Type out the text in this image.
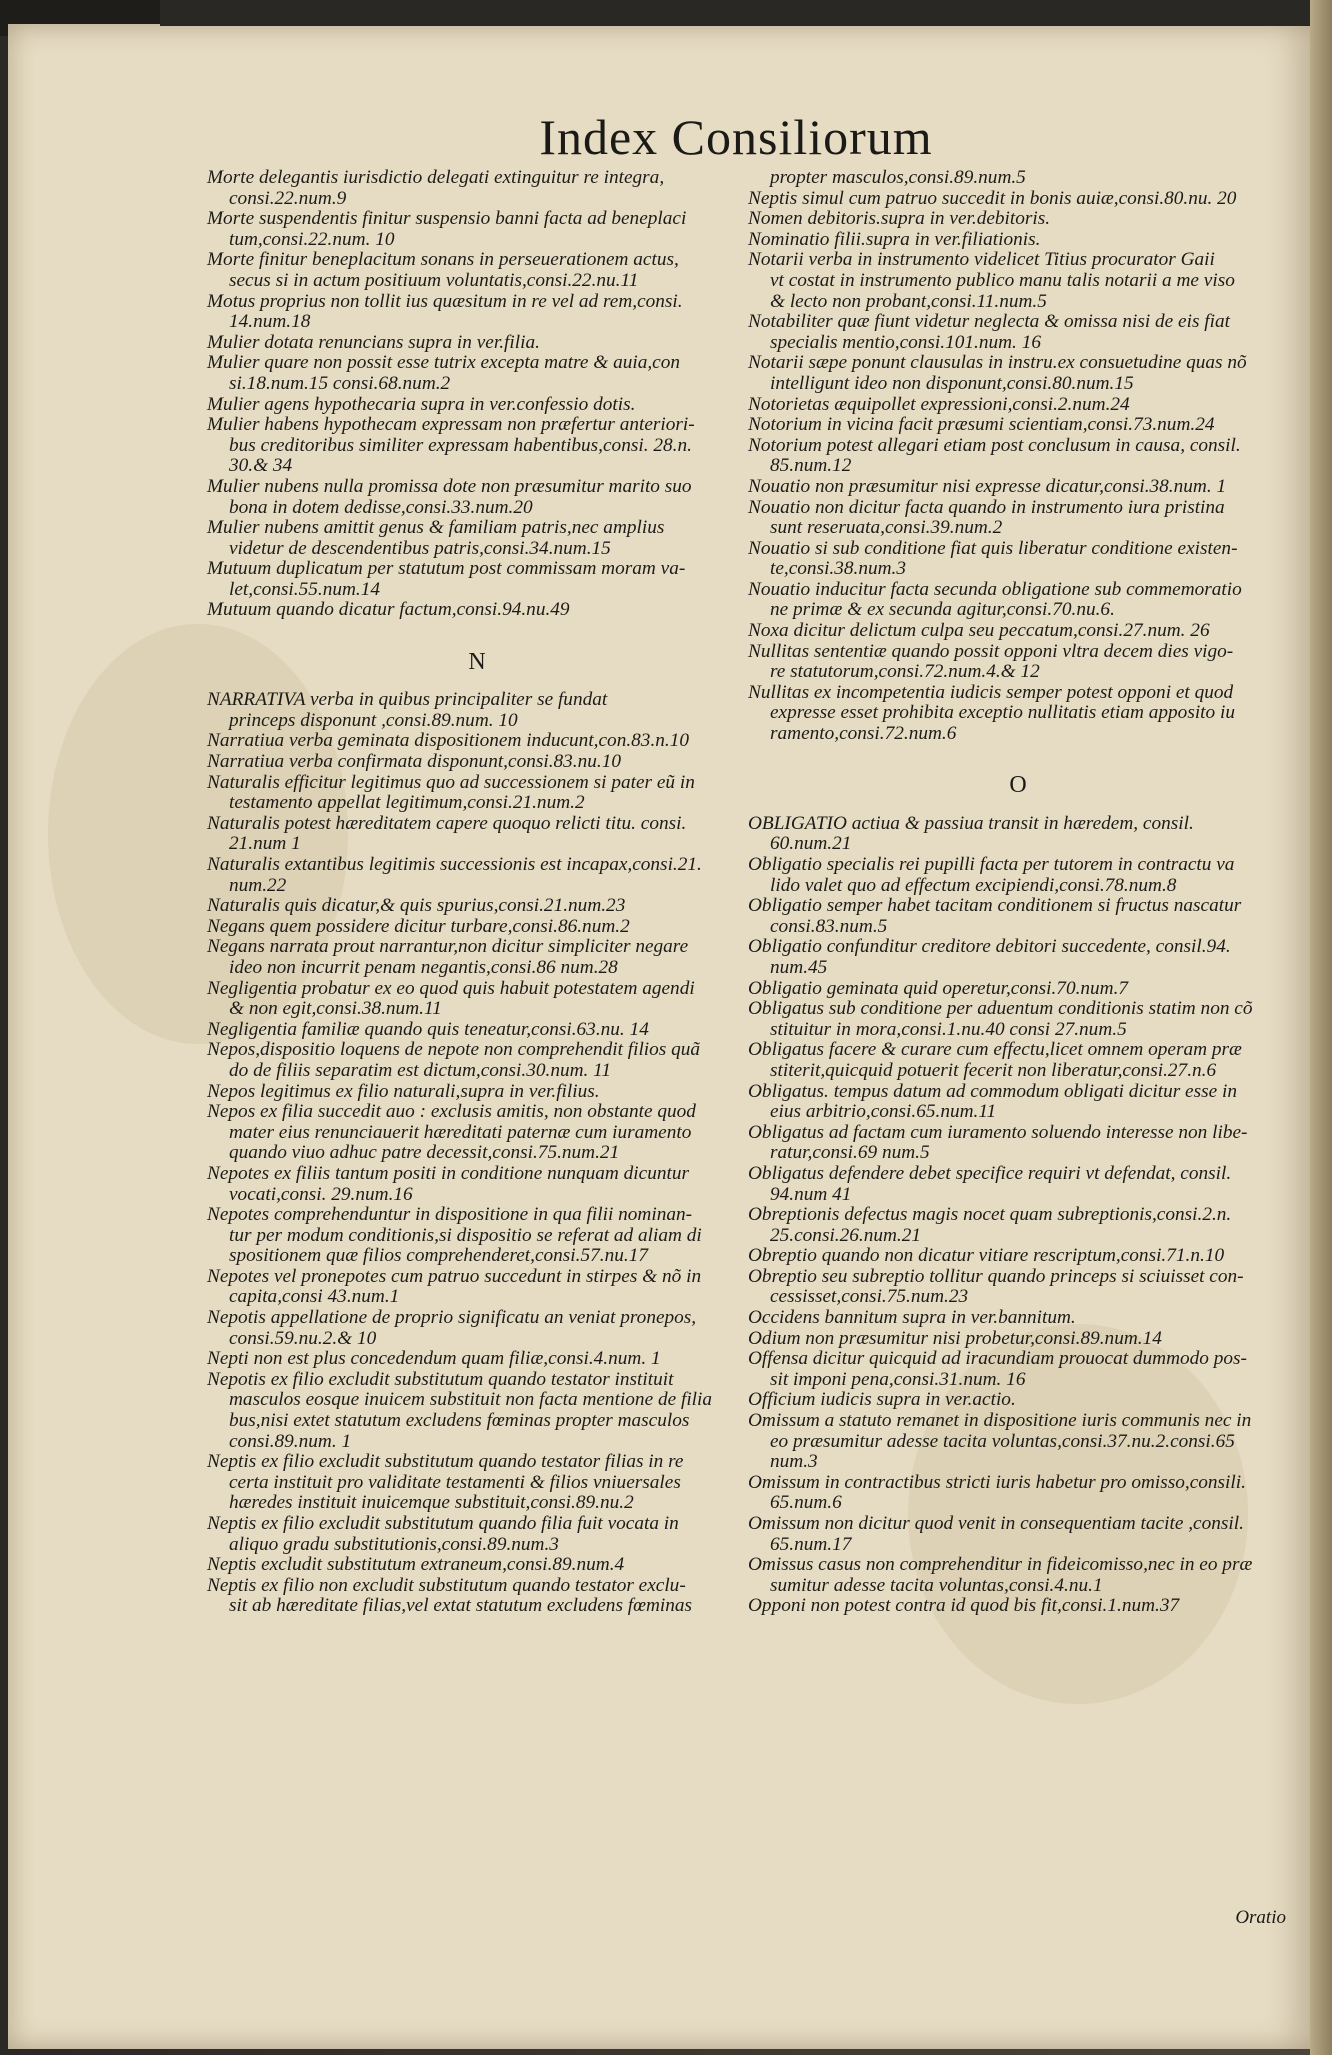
Index Consiliorum
Morte delegantis iurisdictio delegati extinguitur re integra,
consi.22.num.9
Morte suspendentis finitur suspensio banni facta ad beneplaci
tum,consi.22.num. 10
Morte finitur beneplacitum sonans in perseuerationem actus,
secus si in actum positiuum voluntatis,consi.22.nu.11
Motus proprius non tollit ius quæsitum in re vel ad rem,consi.
14.num.18
Mulier dotata renuncians supra in ver.filia.
Mulier quare non possit esse tutrix excepta matre & auia,con
si.18.num.15 consi.68.num.2
Mulier agens hypothecaria supra in ver.confessio dotis.
Mulier habens hypothecam expressam non præfertur anteriori-
bus creditoribus similiter expressam habentibus,consi. 28.n.
30.& 34
Mulier nubens nulla promissa dote non præsumitur marito suo
bona in dotem dedisse,consi.33.num.20
Mulier nubens amittit genus & familiam patris,nec amplius
videtur de descendentibus patris,consi.34.num.15
Mutuum duplicatum per statutum post commissam moram va-
let,consi.55.num.14
Mutuum quando dicatur factum,consi.94.nu.49
N
NARRATIVA verba in quibus principaliter se fundat
princeps disponunt ,consi.89.num. 10
Narratiua verba geminata dispositionem inducunt,con.83.n.10
Narratiua verba confirmata disponunt,consi.83.nu.10
Naturalis efficitur legitimus quo ad successionem si pater eũ in
testamento appellat legitimum,consi.21.num.2
Naturalis potest hæreditatem capere quoquo relicti titu. consi.
21.num 1
Naturalis extantibus legitimis successionis est incapax,consi.21.
num.22
Naturalis quis dicatur,& quis spurius,consi.21.num.23
Negans quem possidere dicitur turbare,consi.86.num.2
Negans narrata prout narrantur,non dicitur simpliciter negare
ideo non incurrit penam negantis,consi.86 num.28
Negligentia probatur ex eo quod quis habuit potestatem agendi
& non egit,consi.38.num.11
Negligentia familiæ quando quis teneatur,consi.63.nu. 14
Nepos,dispositio loquens de nepote non comprehendit filios quã
do de filiis separatim est dictum,consi.30.num. 11
Nepos legitimus ex filio naturali,supra in ver.filius.
Nepos ex filia succedit auo : exclusis amitis, non obstante quod
mater eius renunciauerit hæreditati paternæ cum iuramento
quando viuo adhuc patre decessit,consi.75.num.21
Nepotes ex filiis tantum positi in conditione nunquam dicuntur
vocati,consi. 29.num.16
Nepotes comprehenduntur in dispositione in qua filii nominan-
tur per modum conditionis,si dispositio se referat ad aliam di
spositionem quæ filios comprehenderet,consi.57.nu.17
Nepotes vel pronepotes cum patruo succedunt in stirpes & nõ in
capita,consi 43.num.1
Nepotis appellatione de proprio significatu an veniat pronepos,
consi.59.nu.2.& 10
Nepti non est plus concedendum quam filiæ,consi.4.num. 1
Nepotis ex filio excludit substitutum quando testator instituit
masculos eosque inuicem substituit non facta mentione de filia
bus,nisi extet statutum excludens fœminas propter masculos
consi.89.num. 1
Neptis ex filio excludit substitutum quando testator filias in re
certa instituit pro validitate testamenti & filios vniuersales
hæredes instituit inuicemque substituit,consi.89.nu.2
Neptis ex filio excludit substitutum quando filia fuit vocata in
aliquo gradu substitutionis,consi.89.num.3
Neptis excludit substitutum extraneum,consi.89.num.4
Neptis ex filio non excludit substitutum quando testator exclu-
sit ab hæreditate filias,vel extat statutum excludens fœminas
propter masculos,consi.89.num.5
Neptis simul cum patruo succedit in bonis auiæ,consi.80.nu. 20
Nomen debitoris.supra in ver.debitoris.
Nominatio filii.supra in ver.filiationis.
Notarii verba in instrumento videlicet Titius procurator Gaii
vt costat in instrumento publico manu talis notarii a me viso
& lecto non probant,consi.11.num.5
Notabiliter quæ fiunt videtur neglecta & omissa nisi de eis fiat
specialis mentio,consi.101.num. 16
Notarii sæpe ponunt clausulas in instru.ex consuetudine quas nõ
intelligunt ideo non disponunt,consi.80.num.15
Notorietas æquipollet expressioni,consi.2.num.24
Notorium in vicina facit præsumi scientiam,consi.73.num.24
Notorium potest allegari etiam post conclusum in causa, consil.
85.num.12
Nouatio non præsumitur nisi expresse dicatur,consi.38.num. 1
Nouatio non dicitur facta quando in instrumento iura pristina
sunt reseruata,consi.39.num.2
Nouatio si sub conditione fiat quis liberatur conditione existen-
te,consi.38.num.3
Nouatio inducitur facta secunda obligatione sub commemoratio
ne primæ & ex secunda agitur,consi.70.nu.6.
Noxa dicitur delictum culpa seu peccatum,consi.27.num. 26
Nullitas sententiæ quando possit opponi vltra decem dies vigo-
re statutorum,consi.72.num.4.& 12
Nullitas ex incompetentia iudicis semper potest opponi et quod
expresse esset prohibita exceptio nullitatis etiam apposito iu
ramento,consi.72.num.6
O
OBLIGATIO actiua & passiua transit in hæredem, consil.
60.num.21
Obligatio specialis rei pupilli facta per tutorem in contractu va
lido valet quo ad effectum excipiendi,consi.78.num.8
Obligatio semper habet tacitam conditionem si fructus nascatur
consi.83.num.5
Obligatio confunditur creditore debitori succedente, consil.94.
num.45
Obligatio geminata quid operetur,consi.70.num.7
Obligatus sub conditione per aduentum conditionis statim non cõ
stituitur in mora,consi.1.nu.40 consi 27.num.5
Obligatus facere & curare cum effectu,licet omnem operam præ
stiterit,quicquid potuerit fecerit non liberatur,consi.27.n.6
Obligatus. tempus datum ad commodum obligati dicitur esse in
eius arbitrio,consi.65.num.11
Obligatus ad factam cum iuramento soluendo interesse non libe-
ratur,consi.69 num.5
Obligatus defendere debet specifice requiri vt defendat, consil.
94.num 41
Obreptionis defectus magis nocet quam subreptionis,consi.2.n.
25.consi.26.num.21
Obreptio quando non dicatur vitiare rescriptum,consi.71.n.10
Obreptio seu subreptio tollitur quando princeps si sciuisset con-
cessisset,consi.75.num.23
Occidens bannitum supra in ver.bannitum.
Odium non præsumitur nisi probetur,consi.89.num.14
Offensa dicitur quicquid ad iracundiam prouocat dummodo pos-
sit imponi pena,consi.31.num. 16
Officium iudicis supra in ver.actio.
Omissum a statuto remanet in dispositione iuris communis nec in
eo præsumitur adesse tacita voluntas,consi.37.nu.2.consi.65
num.3
Omissum in contractibus stricti iuris habetur pro omisso,consili.
65.num.6
Omissum non dicitur quod venit in consequentiam tacite ,consil.
65.num.17
Omissus casus non comprehenditur in fideicomisso,nec in eo præ
sumitur adesse tacita voluntas,consi.4.nu.1
Opponi non potest contra id quod bis fit,consi.1.num.37
Oratio
